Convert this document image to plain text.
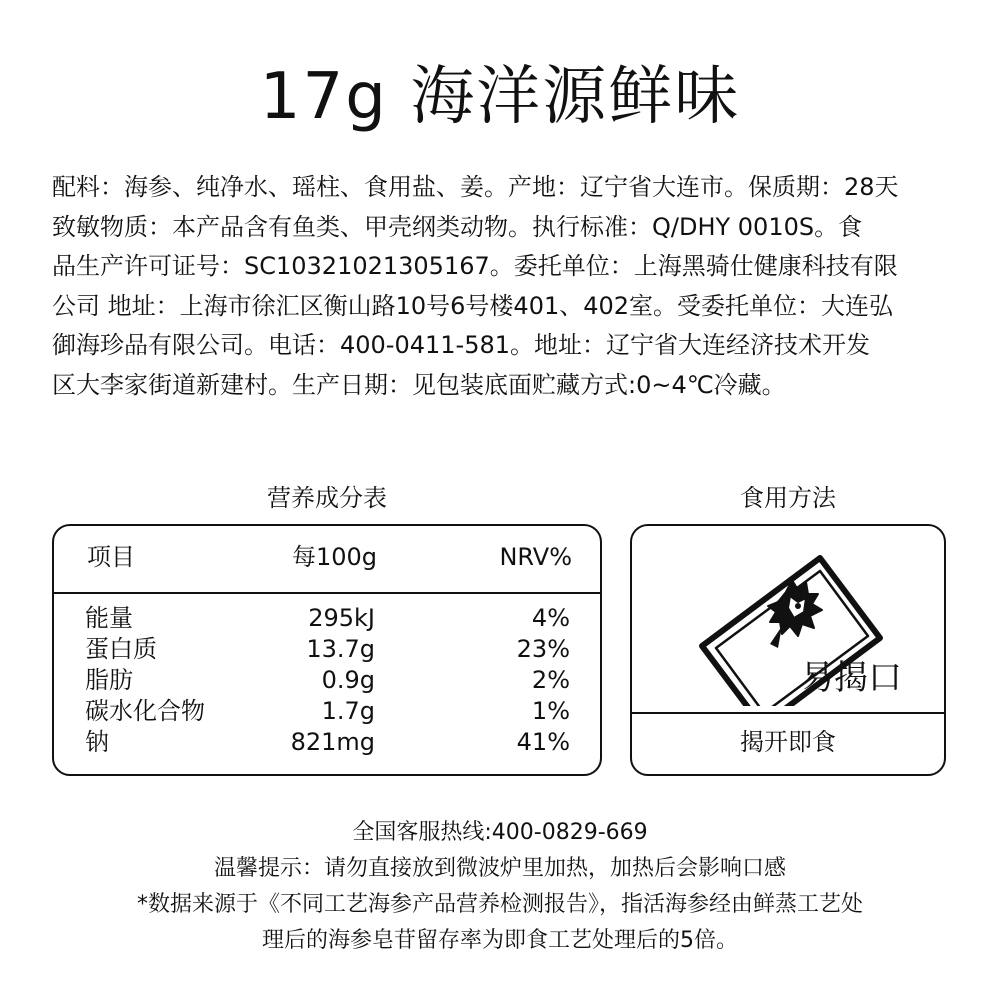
17g 海洋源鲜味
配料：海参、纯净水、瑶柱、食用盐、姜。产地：辽宁省大连市。保质期：28天
致敏物质：本产品含有鱼类、甲壳纲类动物。执行标准：Q/DHY 0010S。食
品生产许可证号：SC10321021305167。委托单位：上海黑骑仕健康科技有限
公司 地址：上海市徐汇区衡山路10号6号楼401、402室。受委托单位：大连弘
御海珍品有限公司。电话：400-0411-581。地址：辽宁省大连经济技术开发
区大李家街道新建村。生产日期：见包装底面贮藏方式:0~4℃冷藏。
营养成分表	食用方法
项目	每100g	NRV%
能量	295kJ	4%
蛋白质	13.7g	23%
脂肪	0.9g	2%
碳水化合物	1.7g	1%
钠	821mg	41%
易揭口
揭开即食
全国客服热线:400-0829-669
温馨提示：请勿直接放到微波炉里加热，加热后会影响口感
*数据来源于《不同工艺海参产品营养检测报告》，指活海参经由鲜蒸工艺处
理后的海参皂苷留存率为即食工艺处理后的5倍。
